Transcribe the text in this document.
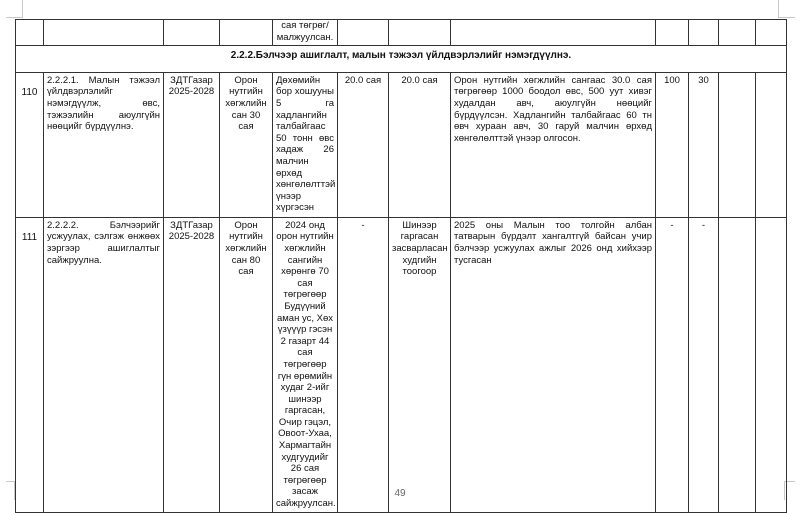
				сая төгрөг/ малжуулсан.							
2.2.2.Бэлчээр ашиглалт, малын тэжээл үйлдвэрлэлийг нэмэгдүүлнэ.											
110	2.2.2.1. Малын тэжээл үйлдвэрлэлийг нэмэгдүүлж, өвс, тэжээлийн аюулгүйн нөөцийг бүрдүүлнэ.	ЗДТГазар 2025-2028	Орон нутгийн хөгжлийн сан 30 сая	Дөхөмийн бор хошууны 5 га хадлангийн талбайгаас 50 тонн өвс хадаж 26 малчин өрхөд хөнгөлөлттэй үнээр хүргэсэн	20.0 сая	20.0 сая	Орон нутгийн хөгжлийн сангаас 30.0 сая төгрөгөөр 1000 боодол өвс, 500 уут хивэг худалдан авч, аюулгүйн нөөцийг бүрдүүлсэн. Хадлангийн талбайгаас 60 тн өвч хураан авч, 30 гаруй малчин өрхөд хөнгөлөлттэй үнээр олгосон.	100	30		
111	2.2.2.2. Бэлчээрийг усжуулах, сэлгэж өнжөөх зэргээр ашиглалтыг сайжруулна.	ЗДТГазар 2025-2028	Орон нутгийн хөгжлийн сан 80 сая	2024 онд орон нутгийн хөгжлийн сангийн хөрөнгө 70 сая төгрөгөөр Будүүний аман ус, Хөх үзүүүр гэсэн 2 газарт 44 сая төгрөгөөр гүн өрөмийн худаг 2-ийг шинээр гаргасан, Очир гэцэл, Овоот-Ухаа, Хармагтайн худгуудийг 26 сая төгрөгөөр засаж сайжруулсан.	-	Шинээр гаргасан засварласан худгийн тоогоор	2025 оны Малын тоо толгойн албан татварын бүрдэлт хангалтгүй байсан учир бэлчээр усжуулах ажлыг 2026 онд хийхээр тусгасан	-	-		
49
